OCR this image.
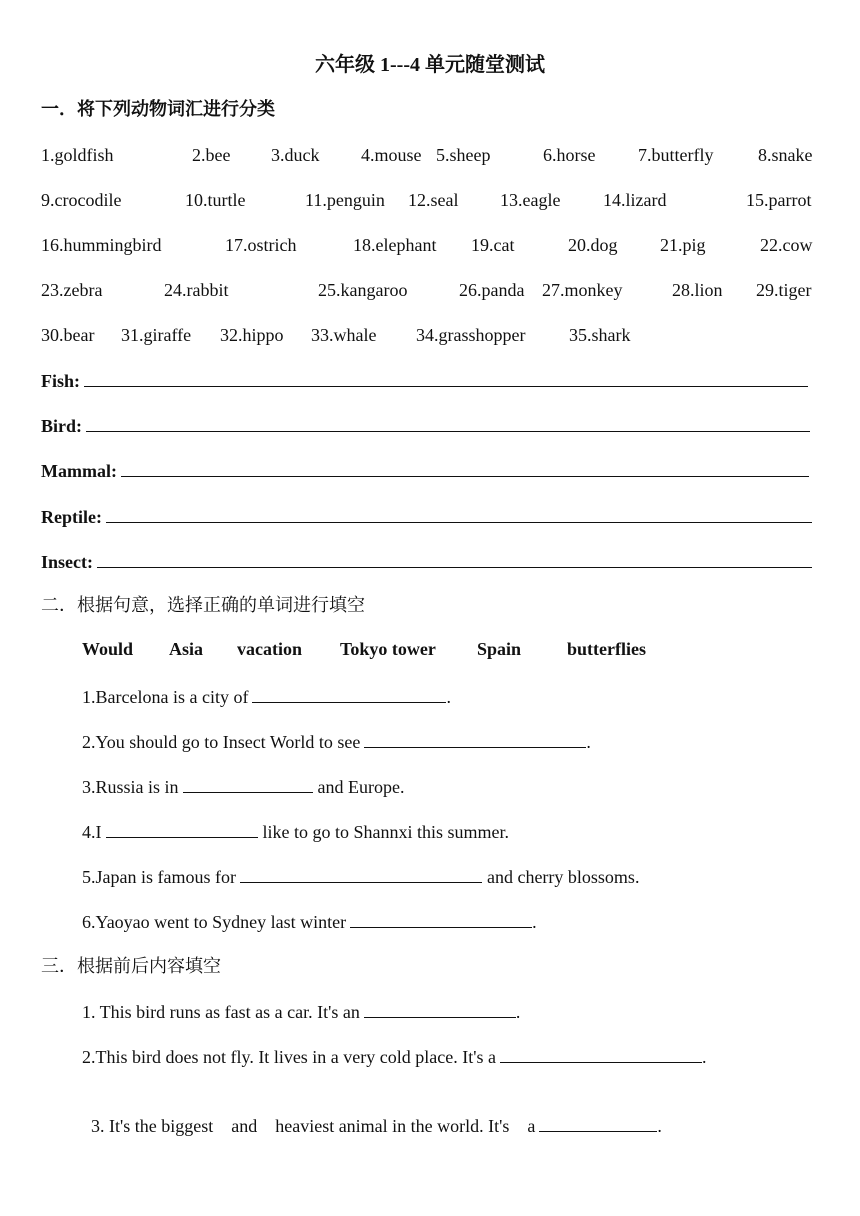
六年级 1---4 单元随堂测试
一．将下列动物词汇进行分类
1.goldfish	2.bee 3.duck 4.mouse 5.sheep	6.horse 7.butterfly 8.snake
9.crocodile	10.turtle	11.penguin 12.seal 13.eagle 14.lizard	15.parrot
16.hummingbird	17.ostrich	18.elephant 19.cat	20.dog 21.pig	22.cow
23.zebra	24.rabbit	25.kangaroo	26.panda 27.monkey	28.lion 29.tiger
30.bear 31.giraffe 32.hippo 33.whale 34.grasshopper 35.shark
Fish:
Bird:
Mammal:
Reptile:
Insect:
二．根据句意，选择正确的单词进行填空
Would Asia vacation Tokyo tower Spain	butterflies
1.Barcelona is a city of	.
2.You should go to Insect World to see	.
3.Russia is in	and Europe.
4.I	like to go to Shannxi this summer.
5.Japan is famous for	and cherry blossoms.
6.Yaoyao went to Sydney last winter	.
三．根据前后内容填空
1. This bird runs as fast as a car. It's an	.
2.This bird does not fly. It lives in a very cold place. It's a	.

3. It's the biggest    and    heaviest animal in the world. It's    a	.
